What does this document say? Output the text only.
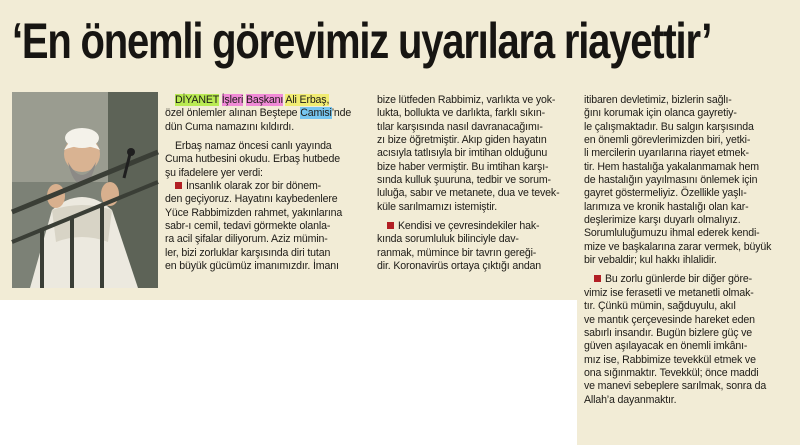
‘En önemli görevimiz uyarılara riayettir’
Ali Erbaş

DİYANET İşleri Başkanı Ali Erbaş,

özel önlemler alınan Beştepe Camisi’nde

dün Cuma namazını kıldırdı.

Erbaş namaz öncesi canlı yayında

Cuma hutbesini okudu. Erbaş hutbede

şu ifadelere yer verdi:

İnsanlık olarak zor bir dönem-

den geçiyoruz. Hayatını kaybedenlere

Yüce Rabbimizden rahmet, yakınlarına

sabr-ı cemil, tedavi görmekte olanla-

ra acil şifalar diliyorum. Aziz mümin-

ler, bizi zorluklar karşısında diri tutan

en büyük gücümüz imanımızdır. İmanı

bize lütfeden Rabbimiz, varlıkta ve yok-

lukta, bollukta ve darlıkta, farklı sıkın-

tılar karşısında nasıl davranacağımı-

zı bize öğretmiştir. Akıp giden hayatın

acısıyla tatlısıyla bir imtihan olduğunu

bize haber vermiştir. Bu imtihan karşı-

sında kulluk şuuruna, tedbir ve sorum-

luluğa, sabır ve metanete, dua ve tevek-

küle sarılmamızı istemiştir.

Kendisi ve çevresindekiler hak-

kında sorumluluk bilinciyle dav-

ranmak, mümince bir tavrın gereği-

dir. Koronavirüs ortaya çıktığı andan

itibaren devletimiz, bizlerin sağlı-

ğını korumak için olanca gayretiy-

le çalışmaktadır. Bu salgın karşısında

en önemli görevlerimizden biri, yetki-

li mercilerin uyarılarına riayet etmek-

tir. Hem hastalığa yakalanmamak hem

de hastalığın yayılmasını önlemek için

gayret göstermeliyiz. Özellikle yaşlı-

larımıza ve kronik hastalığı olan kar-

deşlerimize karşı duyarlı olmalıyız.

Sorumluluğumuzu ihmal ederek kendi-

mize ve başkalarına zarar vermek, büyük

bir vebaldir; kul hakkı ihlalidir.

Bu zorlu günlerde bir diğer göre-

vimiz ise ferasetli ve metanetli olmak-

tır. Çünkü mümin, sağduyulu, akıl

ve mantık çerçevesinde hareket eden

sabırlı insandır. Bugün bizlere güç ve

güven aşılayacak en önemli imkânı-

mız ise, Rabbimize tevekkül etmek ve

ona sığınmaktır. Tevekkül; önce maddi

ve manevi sebeplere sarılmak, sonra da

Allah’a dayanmaktır.
